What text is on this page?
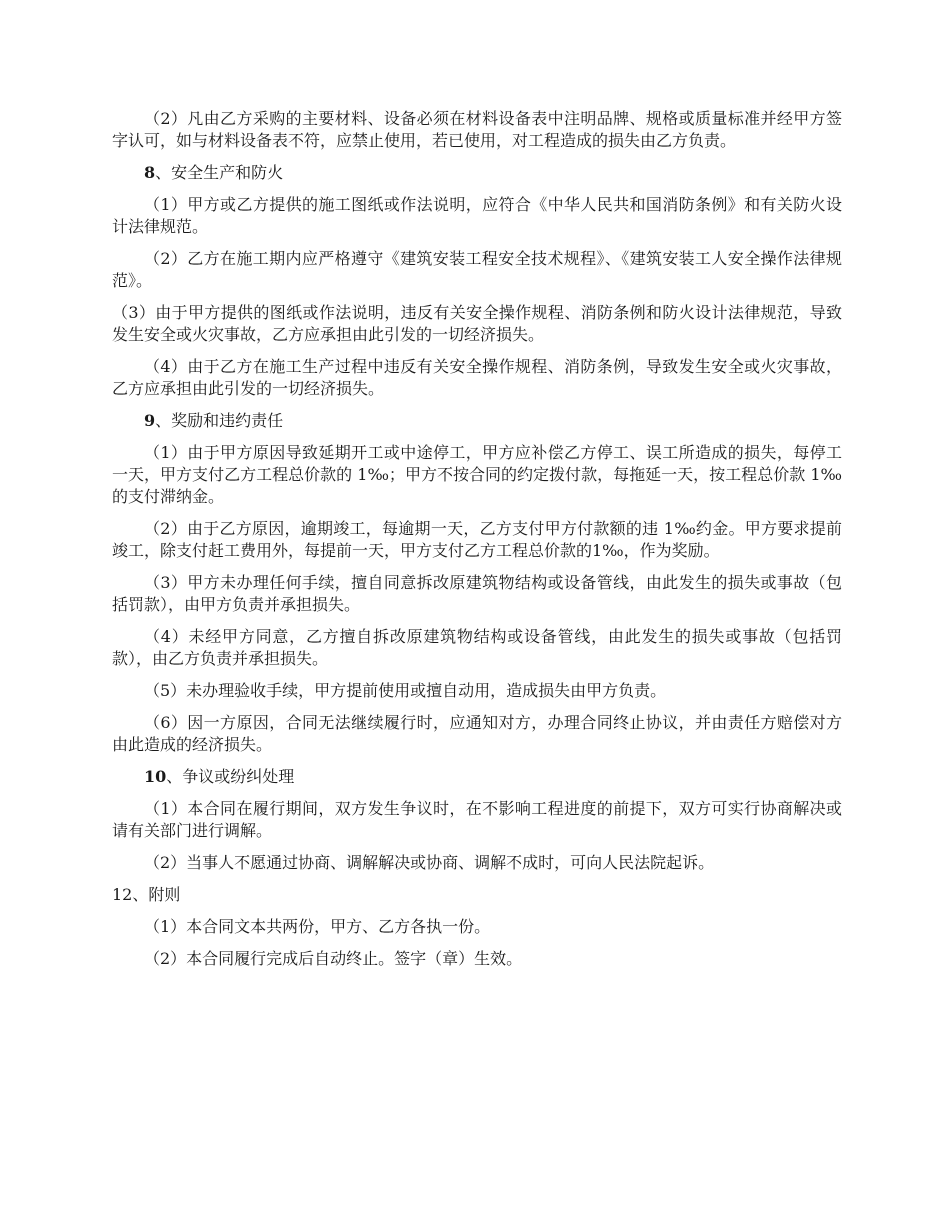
（2）凡由乙方采购的主要材料、设备必须在材料设备表中注明品牌、规格或质量标准并经甲方签字认可，如与材料设备表不符，应禁止使用，若已使用，对工程造成的损失由乙方负责。

8、安全生产和防火

（1）甲方或乙方提供的施工图纸或作法说明，应符合《中华人民共和国消防条例》和有关防火设计法律规范。

（2）乙方在施工期内应严格遵守《建筑安装工程安全技术规程》、《建筑安装工人安全操作法律规范》。

（3）由于甲方提供的图纸或作法说明，违反有关安全操作规程、消防条例和防火设计法律规范，导致发生安全或火灾事故，乙方应承担由此引发的一切经济损失。

（4）由于乙方在施工生产过程中违反有关安全操作规程、消防条例，导致发生安全或火灾事故，乙方应承担由此引发的一切经济损失。

9、奖励和违约责任

（1）由于甲方原因导致延期开工或中途停工，甲方应补偿乙方停工、误工所造成的损失，每停工一天，甲方支付乙方工程总价款的 1‰；甲方不按合同的约定拨付款，每拖延一天，按工程总价款 1‰的支付滞纳金。

（2）由于乙方原因，逾期竣工，每逾期一天，乙方支付甲方付款额的违 1‰约金。甲方要求提前竣工，除支付赶工费用外，每提前一天，甲方支付乙方工程总价款的1‰，作为奖励。

（3）甲方未办理任何手续，擅自同意拆改原建筑物结构或设备管线，由此发生的损失或事故（包括罚款），由甲方负责并承担损失。

（4）未经甲方同意，乙方擅自拆改原建筑物结构或设备管线，由此发生的损失或事故（包括罚款），由乙方负责并承担损失。

（5）未办理验收手续，甲方提前使用或擅自动用，造成损失由甲方负责。

（6）因一方原因，合同无法继续履行时，应通知对方，办理合同终止协议，并由责任方赔偿对方由此造成的经济损失。

10、争议或纷纠处理

（1）本合同在履行期间，双方发生争议时，在不影响工程进度的前提下，双方可实行协商解决或请有关部门进行调解。

（2）当事人不愿通过协商、调解解决或协商、调解不成时，可向人民法院起诉。

12、附则

（1）本合同文本共两份，甲方、乙方各执一份。

（2）本合同履行完成后自动终止。签字（章）生效。
